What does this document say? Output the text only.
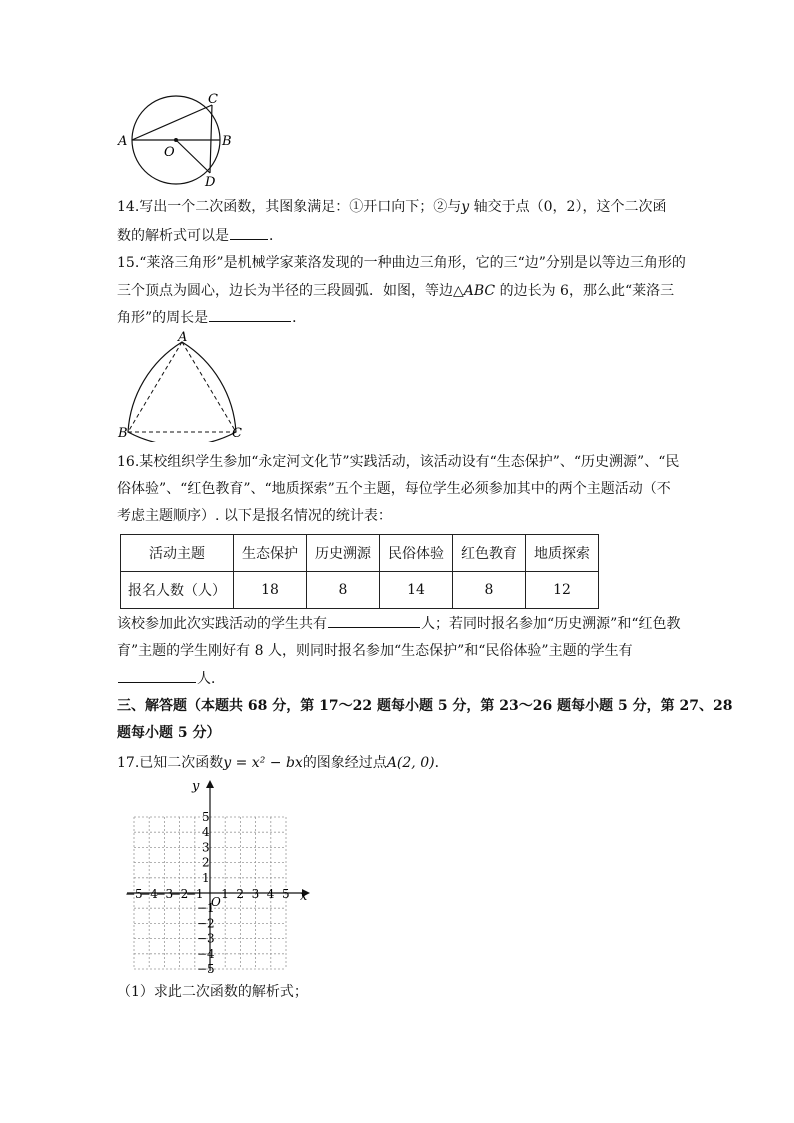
A	B
C
D
O
14.写出一个二次函数，其图象满足：①开口向下；②与y 轴交于点（0，2），这个二次函
数的解析式可以是	．
15.“莱洛三角形”是机械学家莱洛发现的一种曲边三角形，它的三“边”分别是以等边三角形的
三个顶点为圆心，边长为半径的三段圆弧．如图，等边△ABC 的边长为 6，那么此“莱洛三
角形”的周长是	．
A
B	C
16.某校组织学生参加“永定河文化节”实践活动，该活动设有“生态保护”、“历史溯源”、“民
俗体验”、“红色教育”、“地质探索”五个主题，每位学生必须参加其中的两个主题活动（不
考虑主题顺序）. 以下是报名情况的统计表：
活动主题	生态保护	历史溯源	民俗体验	红色教育	地质探索
报名人数（人）	18	8	14	8	12
该校参加此次实践活动的学生共有	人；若同时报名参加“历史溯源”和“红色教
育”主题的学生刚好有 8 人，则同时报名参加“生态保护”和“民俗体验”主题的学生有
人．
三、解答题（本题共 68 分，第 17～22 题每小题 5 分，第 23～26 题每小题 5 分，第 27、28
题每小题 5 分）
17.已知二次函数y = x² − bx的图象经过点A(2, 0)．
x
y
O
−5
−4
−3
−2
−1 1 2 3 4 5
5
4
3
2
1
−1
−2
−3
−4
−5
（1）求此二次函数的解析式；
